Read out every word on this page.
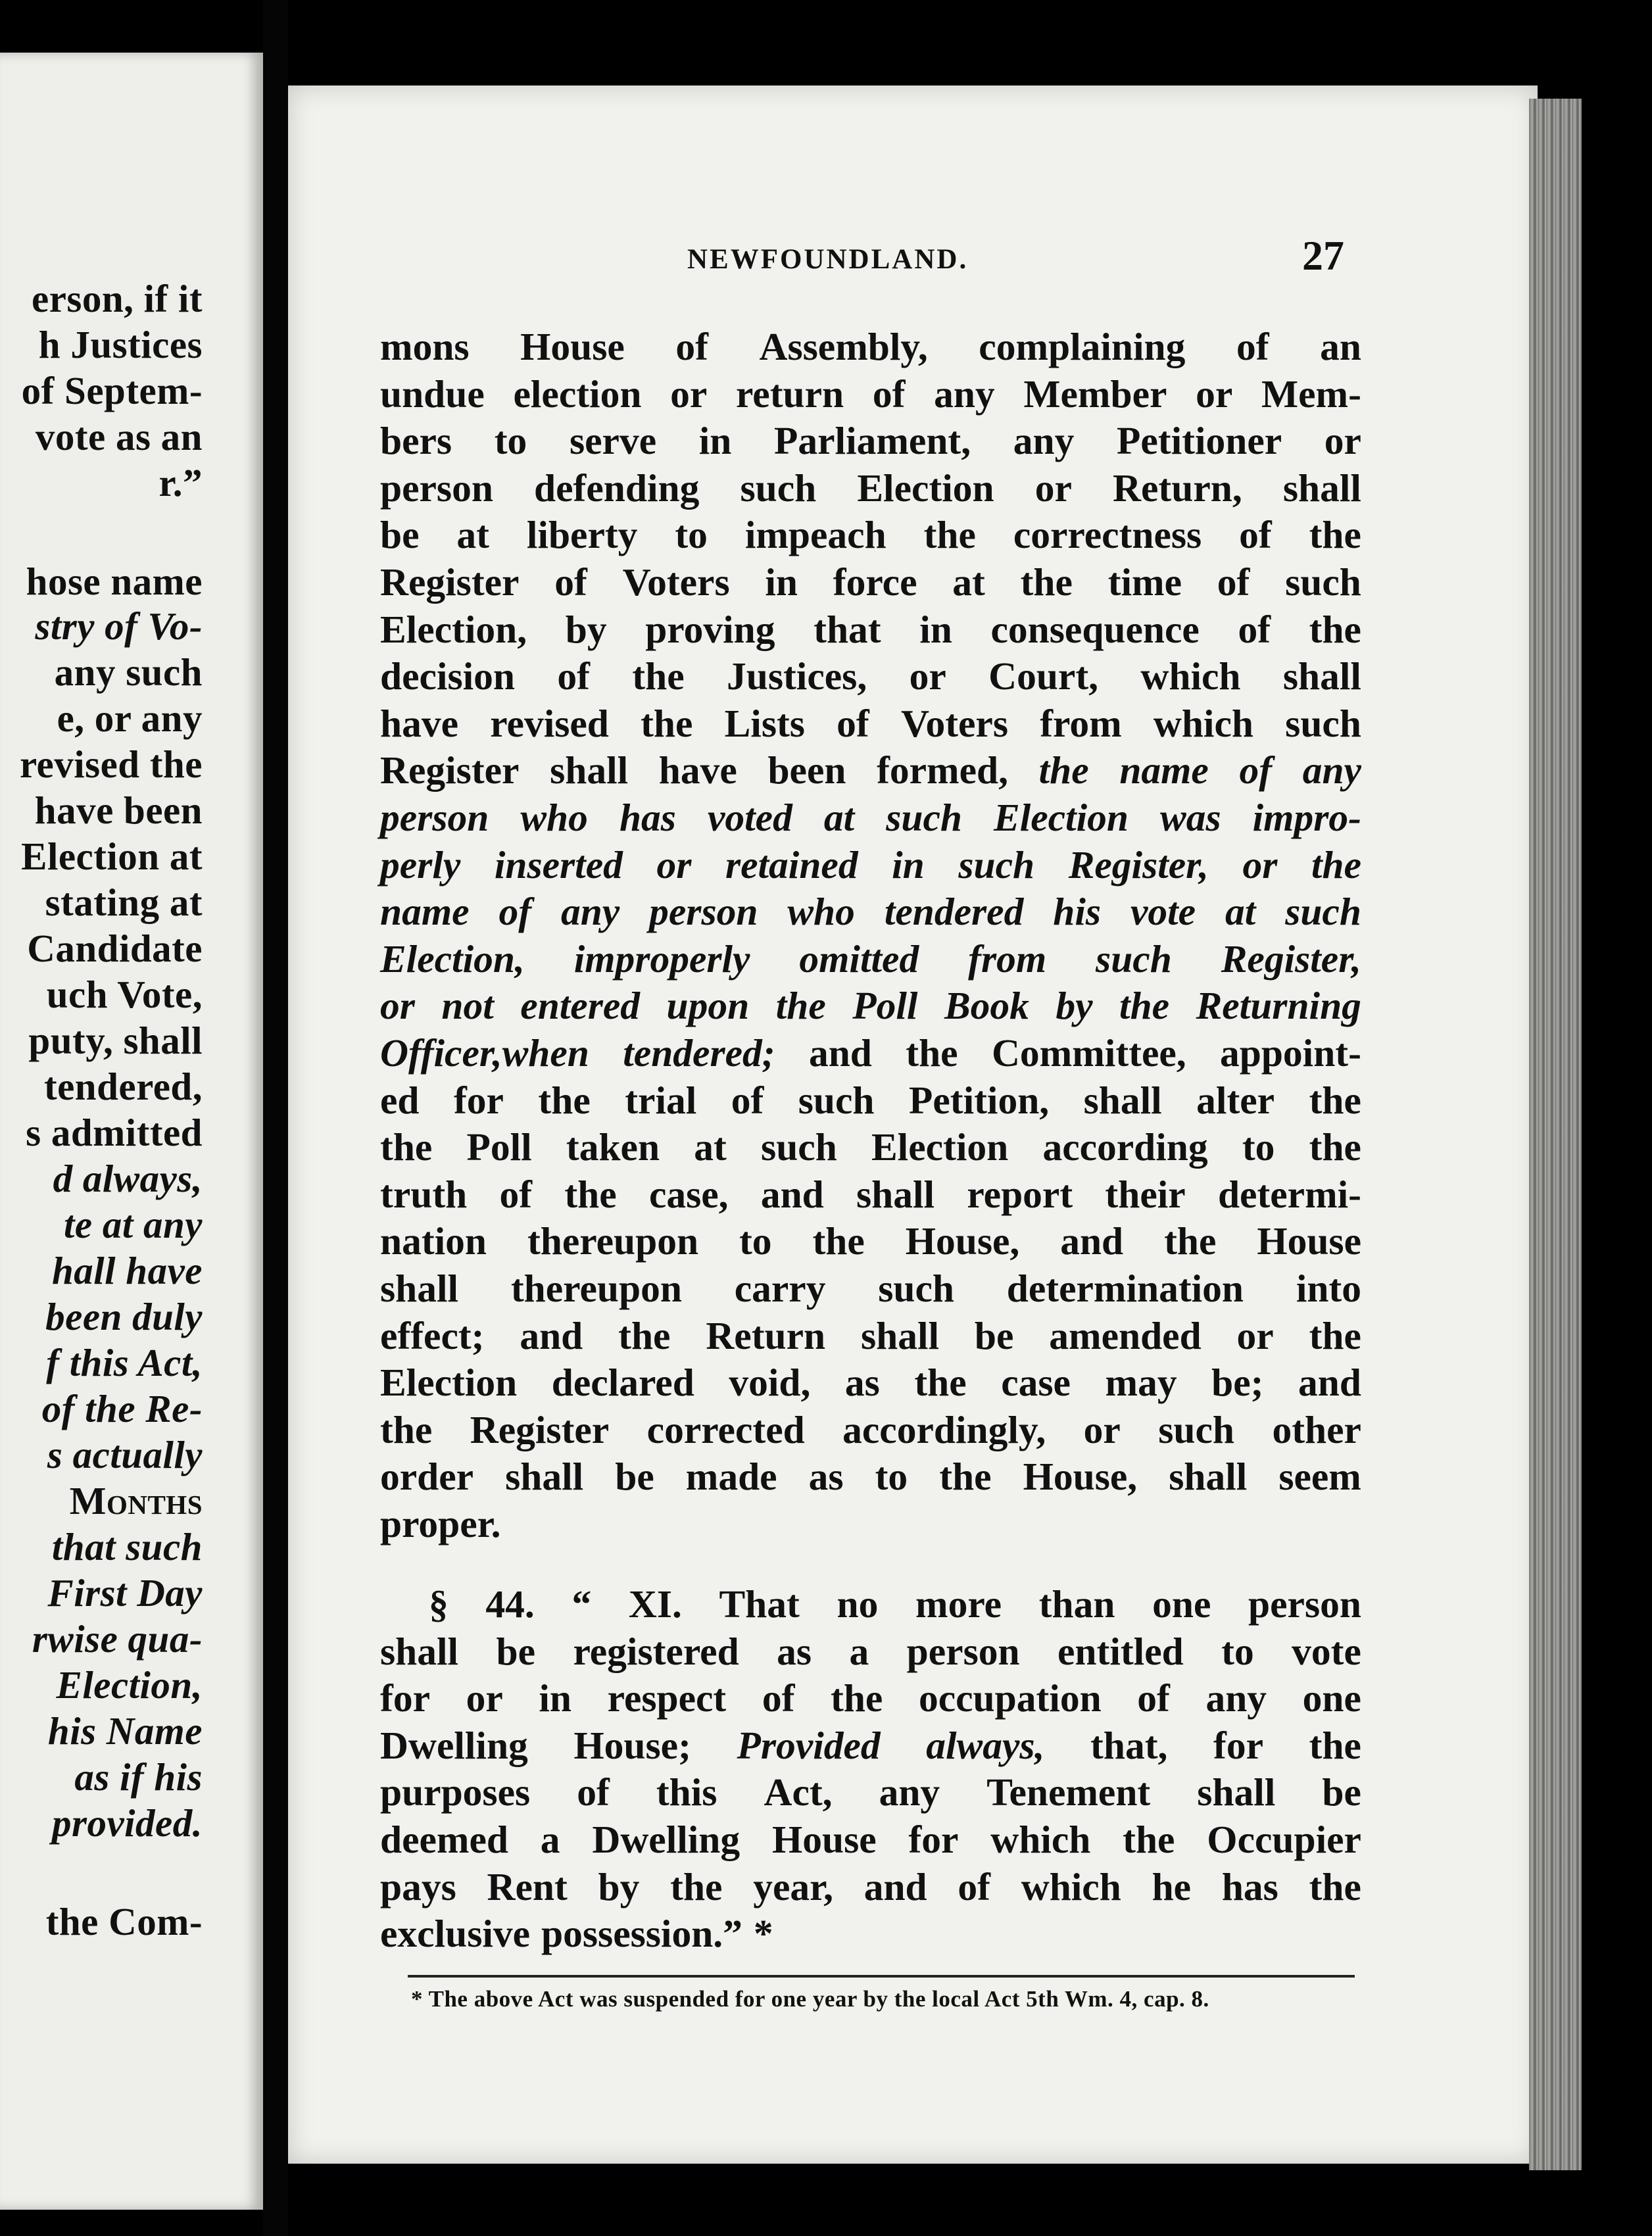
erson, if it
h Justices
of Septem-
vote as an
r.”
hose name
stry of Vo-
any such
e, or any
revised the
have been
Election at
stating at
Candidate
uch Vote,
puty, shall
tendered,
s admitted
d always,
te at any
hall have
been duly
f this Act,
of the Re-
s actually
Months
that such
First Day
rwise qua-
Election,
his Name
as if his
provided.
the Com-
NEWFOUNDLAND.	27
mons House of Assembly, complaining of an
undue election or return of any Member or Mem-
bers to serve in Parliament, any Petitioner or
person defending such Election or Return, shall
be at liberty to impeach the correctness of the
Register of Voters in force at the time of such
Election, by proving that in consequence of the
decision of the Justices, or Court, which shall
have revised the Lists of Voters from which such
Register shall have been formed, the name of any
person who has voted at such Election was impro-
perly inserted or retained in such Register, or the
name of any person who tendered his vote at such
Election, improperly omitted from such Register,
or not entered upon the Poll Book by the Returning
Officer,when tendered; and the Committee, appoint-
ed for the trial of such Petition, shall alter the
the Poll taken at such Election according to the
truth of the case, and shall report their determi-
nation thereupon to the House, and the House
shall thereupon carry such determination into
effect; and the Return shall be amended or the
Election declared void, as the case may be; and
the Register corrected accordingly, or such other
order shall be made as to the House, shall seem
proper.
§ 44. “ XI. That no more than one person
shall be registered as a person entitled to vote
for or in respect of the occupation of any one
Dwelling House; Provided always, that, for the
purposes of this Act, any Tenement shall be
deemed a Dwelling House for which the Occupier
pays Rent by the year, and of which he has the
exclusive possession.” *
* The above Act was suspended for one year by the local Act 5th Wm. 4, cap. 8.
